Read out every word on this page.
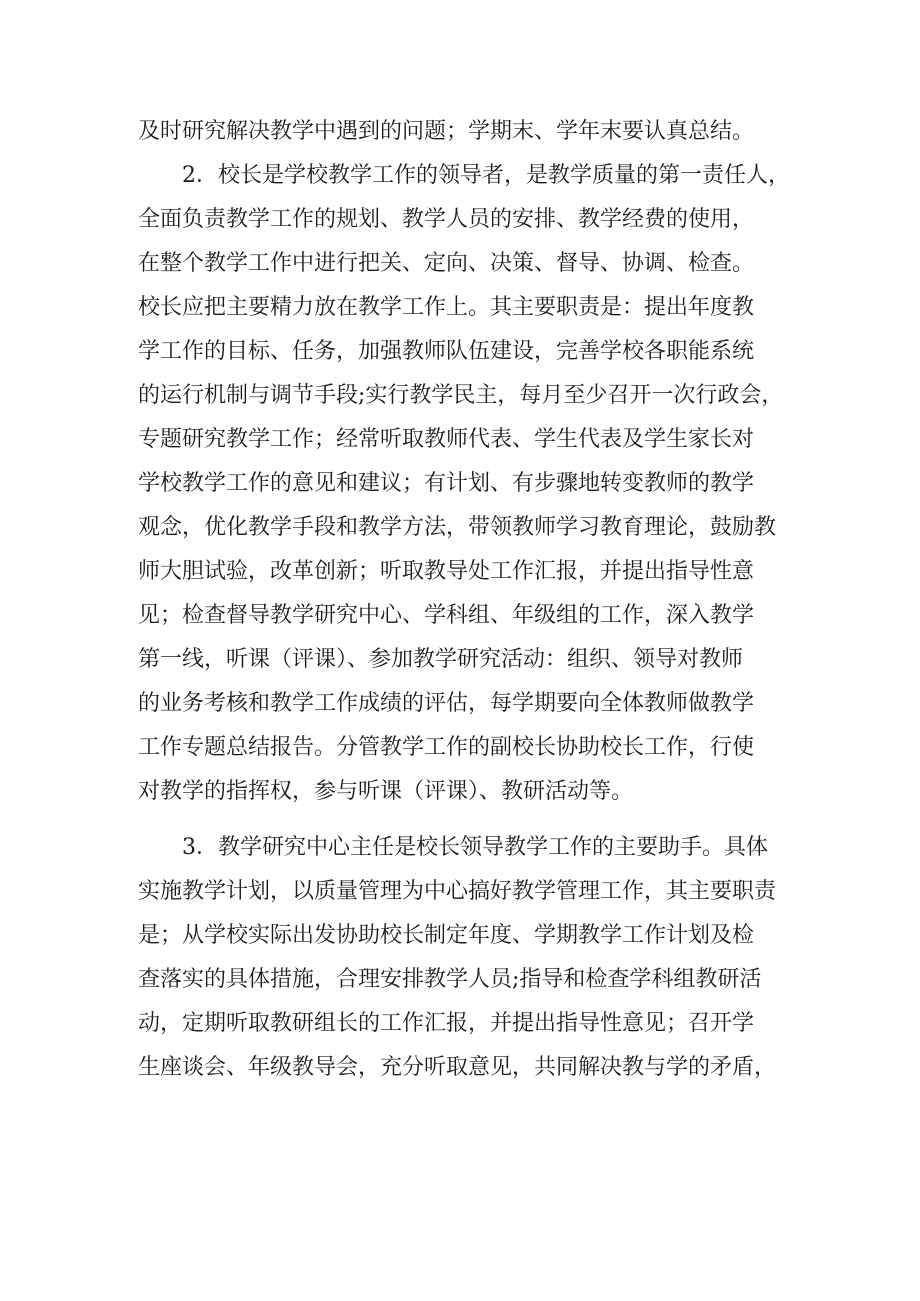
及时研究解决教学中遇到的问题；学期末、学年末要认真总结。
　　2．校长是学校教学工作的领导者，是教学质量的第一责任人，
全面负责教学工作的规划、教学人员的安排、教学经费的使用，
在整个教学工作中进行把关、定向、决策、督导、协调、检查。
校长应把主要精力放在教学工作上。其主要职责是：提出年度教
学工作的目标、任务，加强教师队伍建设，完善学校各职能系统
的运行机制与调节手段;实行教学民主，每月至少召开一次行政会，
专题研究教学工作；经常听取教师代表、学生代表及学生家长对
学校教学工作的意见和建议；有计划、有步骤地转变教师的教学
观念，优化教学手段和教学方法，带领教师学习教育理论，鼓励教
师大胆试验，改革创新；听取教导处工作汇报，并提出指导性意
见；检查督导教学研究中心、学科组、年级组的工作，深入教学
第一线，听课（评课）、参加教学研究活动：组织、领导对教师
的业务考核和教学工作成绩的评估，每学期要向全体教师做教学
工作专题总结报告。分管教学工作的副校长协助校长工作，行使
对教学的指挥权，参与听课（评课）、教研活动等。
　　3．教学研究中心主任是校长领导教学工作的主要助手。具体
实施教学计划，以质量管理为中心搞好教学管理工作，其主要职责
是；从学校实际出发协助校长制定年度、学期教学工作计划及检
查落实的具体措施，合理安排教学人员;指导和检查学科组教研活
动，定期听取教研组长的工作汇报，并提出指导性意见；召开学
生座谈会、年级教导会，充分听取意见，共同解决教与学的矛盾，
